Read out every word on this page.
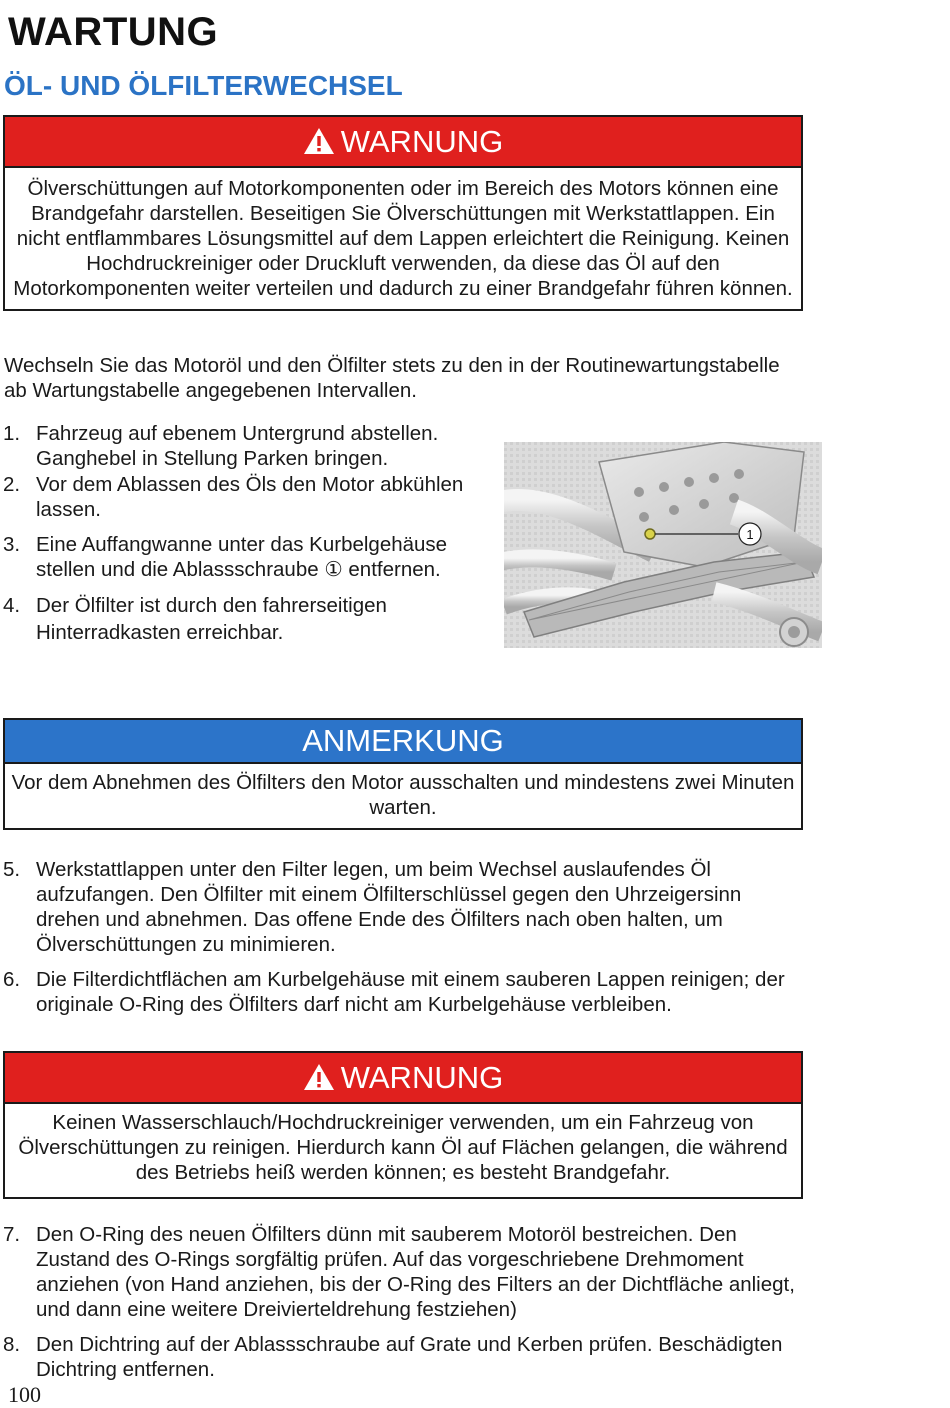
WARTUNG
ÖL- UND ÖLFILTERWECHSEL
WARNUNG
Ölverschüttungen auf Motorkomponenten oder im Bereich des Motors können eine Brandgefahr darstellen. Beseitigen Sie Ölverschüttungen mit Werkstattlappen. Ein nicht entflammbares Lösungsmittel auf dem Lappen erleichtert die Reinigung. Keinen Hochdruckreiniger oder Druckluft verwenden, da diese das Öl auf den Motorkomponenten weiter verteilen und dadurch zu einer Brandgefahr führen können.

Wechseln Sie das Motoröl und den Ölfilter stets zu den in der Routinewartungstabelle ab Wartungstabelle angegebenen Intervallen.

1. Fahrzeug auf ebenem Untergrund abstellen. Ganghebel in Stellung Parken bringen.
2. Vor dem Ablassen des Öls den Motor abkühlen lassen.
3. Eine Auffangwanne unter das Kurbelgehäuse stellen und die Ablassschraube ① entfernen.
4. Der Ölfilter ist durch den fahrerseitigen Hinterradkasten erreichbar.
1
ANMERKUNG
Vor dem Abnehmen des Ölfilters den Motor ausschalten und mindestens zwei Minuten warten.
5. Werkstattlappen unter den Filter legen, um beim Wechsel auslaufendes Öl aufzufangen. Den Ölfilter mit einem Ölfilterschlüssel gegen den Uhrzeigersinn drehen und abnehmen. Das offene Ende des Ölfilters nach oben halten, um Ölverschüttungen zu minimieren.
6. Die Filterdichtflächen am Kurbelgehäuse mit einem sauberen Lappen reinigen; der originale O-Ring des Ölfilters darf nicht am Kurbelgehäuse verbleiben.
WARNUNG
Keinen Wasserschlauch/Hochdruckreiniger verwenden, um ein Fahrzeug von Ölverschüttungen zu reinigen. Hierdurch kann Öl auf Flächen gelangen, die während des Betriebs heiß werden können; es besteht Brandgefahr.
7. Den O-Ring des neuen Ölfilters dünn mit sauberem Motoröl bestreichen. Den Zustand des O-Rings sorgfältig prüfen. Auf das vorgeschriebene Drehmoment anziehen (von Hand anziehen, bis der O-Ring des Filters an der Dichtfläche anliegt, und dann eine weitere Dreivierteldrehung festziehen)
8. Den Dichtring auf der Ablassschraube auf Grate und Kerben prüfen. Beschädigten Dichtring entfernen.
100
